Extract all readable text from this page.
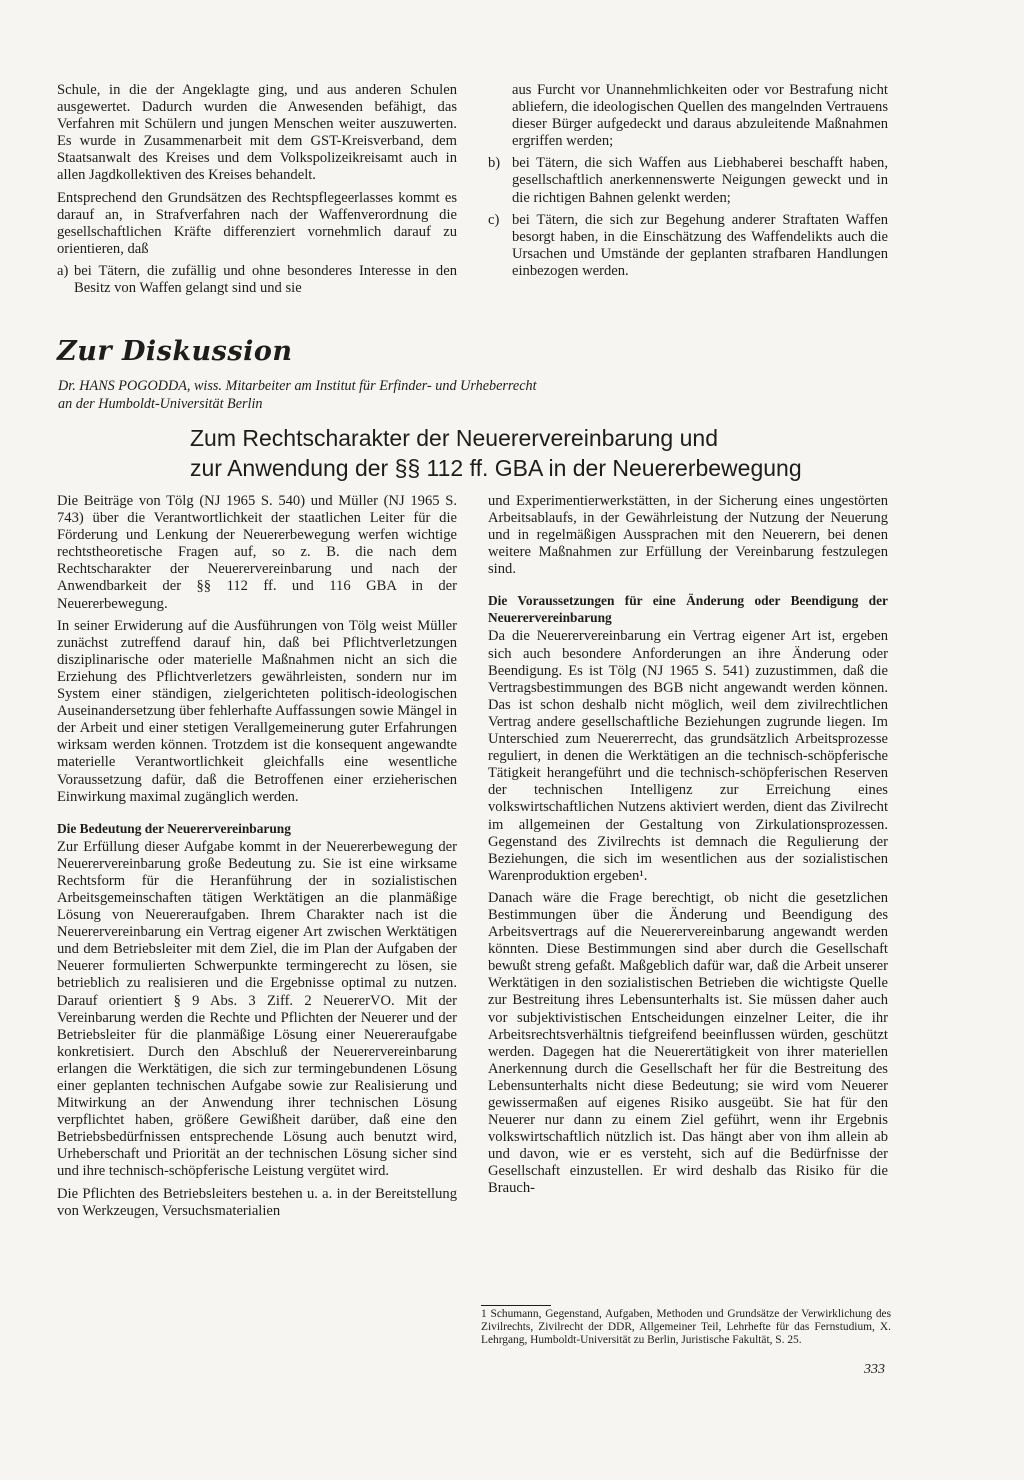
Schule, in die der Angeklagte ging, und aus anderen Schulen ausgewertet. Dadurch wurden die Anwesenden befähigt, das Verfahren mit Schülern und jungen Menschen weiter auszuwerten. Es wurde in Zusammenarbeit mit dem GST-Kreisverband, dem Staatsanwalt des Kreises und dem Volkspolizeikreisamt auch in allen Jagdkollektiven des Kreises behandelt.

Entsprechend den Grundsätzen des Rechtspflegeerlasses kommt es darauf an, in Strafverfahren nach der Waffenverordnung die gesellschaftlichen Kräfte differenziert vornehmlich darauf zu orientieren, daß

a) bei Tätern, die zufällig und ohne besonderes Interesse in den Besitz von Waffen gelangt sind und sie
aus Furcht vor Unannehmlichkeiten oder vor Bestrafung nicht abliefern, die ideologischen Quellen des mangelnden Vertrauens dieser Bürger aufgedeckt und daraus abzuleitende Maßnahmen ergriffen werden;
b) bei Tätern, die sich Waffen aus Liebhaberei beschafft haben, gesellschaftlich anerkennenswerte Neigungen geweckt und in die richtigen Bahnen gelenkt werden;
c) bei Tätern, die sich zur Begehung anderer Straftaten Waffen besorgt haben, in die Einschätzung des Waffendelikts auch die Ursachen und Umstände der geplanten strafbaren Handlungen einbezogen werden.
Zur Diskussion
Dr. HANS POGODDA, wiss. Mitarbeiter am Institut für Erfinder- und Urheberrecht
an der Humboldt-Universität Berlin
Zum Rechtscharakter der Neuerervereinbarung und
zur Anwendung der §§ 112 ff. GBA in der Neuererbewegung

Die Beiträge von Tölg (NJ 1965 S. 540) und Müller (NJ 1965 S. 743) über die Verantwortlichkeit der staatlichen Leiter für die Förderung und Lenkung der Neuererbewegung werfen wichtige rechtstheoretische Fragen auf, so z. B. die nach dem Rechtscharakter der Neuerervereinbarung und nach der Anwendbarkeit der §§ 112 ff. und 116 GBA in der Neuererbewegung.

In seiner Erwiderung auf die Ausführungen von Tölg weist Müller zunächst zutreffend darauf hin, daß bei Pflichtverletzungen disziplinarische oder materielle Maßnahmen nicht an sich die Erziehung des Pflichtverletzers gewährleisten, sondern nur im System einer ständigen, zielgerichteten politisch-ideologischen Auseinandersetzung über fehlerhafte Auffassungen sowie Mängel in der Arbeit und einer stetigen Verallgemeinerung guter Erfahrungen wirksam werden können. Trotzdem ist die konsequent angewandte materielle Verantwortlichkeit gleichfalls eine wesentliche Voraussetzung dafür, daß die Betroffenen einer erzieherischen Einwirkung maximal zugänglich werden.

Die Bedeutung der Neuerervereinbarung

Zur Erfüllung dieser Aufgabe kommt in der Neuererbewegung der Neuerervereinbarung große Bedeutung zu. Sie ist eine wirksame Rechtsform für die Heranführung der in sozialistischen Arbeitsgemeinschaften tätigen Werktätigen an die planmäßige Lösung von Neuereraufgaben. Ihrem Charakter nach ist die Neuerervereinbarung ein Vertrag eigener Art zwischen Werktätigen und dem Betriebsleiter mit dem Ziel, die im Plan der Aufgaben der Neuerer formulierten Schwerpunkte termingerecht zu lösen, sie betrieblich zu realisieren und die Ergebnisse optimal zu nutzen. Darauf orientiert § 9 Abs. 3 Ziff. 2 NeuererVO. Mit der Vereinbarung werden die Rechte und Pflichten der Neuerer und der Betriebsleiter für die planmäßige Lösung einer Neuereraufgabe konkretisiert. Durch den Abschluß der Neuerervereinbarung erlangen die Werktätigen, die sich zur termingebundenen Lösung einer geplanten technischen Aufgabe sowie zur Realisierung und Mitwirkung an der Anwendung ihrer technischen Lösung verpflichtet haben, größere Gewißheit darüber, daß eine den Betriebsbedürfnissen entsprechende Lösung auch benutzt wird, Urheberschaft und Priorität an der technischen Lösung sicher sind und ihre technisch-schöpferische Leistung vergütet wird.

Die Pflichten des Betriebsleiters bestehen u. a. in der Bereitstellung von Werkzeugen, Versuchsmaterialien

und Experimentierwerkstätten, in der Sicherung eines ungestörten Arbeitsablaufs, in der Gewährleistung der Nutzung der Neuerung und in regelmäßigen Aussprachen mit den Neuerern, bei denen weitere Maßnahmen zur Erfüllung der Vereinbarung festzulegen sind.

Die Voraussetzungen für eine Änderung oder Beendigung der Neuerervereinbarung

Da die Neuerervereinbarung ein Vertrag eigener Art ist, ergeben sich auch besondere Anforderungen an ihre Änderung oder Beendigung. Es ist Tölg (NJ 1965 S. 541) zuzustimmen, daß die Vertragsbestimmungen des BGB nicht angewandt werden können. Das ist schon deshalb nicht möglich, weil dem zivilrechtlichen Vertrag andere gesellschaftliche Beziehungen zugrunde liegen. Im Unterschied zum Neuererrecht, das grundsätzlich Arbeitsprozesse reguliert, in denen die Werktätigen an die technisch-schöpferische Tätigkeit herangeführt und die technisch-schöpferischen Reserven der technischen Intelligenz zur Erreichung eines volkswirtschaftlichen Nutzens aktiviert werden, dient das Zivilrecht im allgemeinen der Gestaltung von Zirkulationsprozessen. Gegenstand des Zivilrechts ist demnach die Regulierung der Beziehungen, die sich im wesentlichen aus der sozialistischen Warenproduktion ergeben¹.

Danach wäre die Frage berechtigt, ob nicht die gesetzlichen Bestimmungen über die Änderung und Beendigung des Arbeitsvertrags auf die Neuerervereinbarung angewandt werden könnten. Diese Bestimmungen sind aber durch die Gesellschaft bewußt streng gefaßt. Maßgeblich dafür war, daß die Arbeit unserer Werktätigen in den sozialistischen Betrieben die wichtigste Quelle zur Bestreitung ihres Lebensunterhalts ist. Sie müssen daher auch vor subjektivistischen Entscheidungen einzelner Leiter, die ihr Arbeitsrechtsverhältnis tiefgreifend beeinflussen würden, geschützt werden. Dagegen hat die Neuerertätigkeit von ihrer materiellen Anerkennung durch die Gesellschaft her für die Bestreitung des Lebensunterhalts nicht diese Bedeutung; sie wird vom Neuerer gewissermaßen auf eigenes Risiko ausgeübt. Sie hat für den Neuerer nur dann zu einem Ziel geführt, wenn ihr Ergebnis volkswirtschaftlich nützlich ist. Das hängt aber von ihm allein ab und davon, wie er es versteht, sich auf die Bedürfnisse der Gesellschaft einzustellen. Er wird deshalb das Risiko für die Brauch-

1 Schumann, Gegenstand, Aufgaben, Methoden und Grundsätze der Verwirklichung des Zivilrechts, Zivilrecht der DDR, Allgemeiner Teil, Lehrhefte für das Fernstudium, X. Lehrgang, Humboldt-Universität zu Berlin, Juristische Fakultät, S. 25.
333
